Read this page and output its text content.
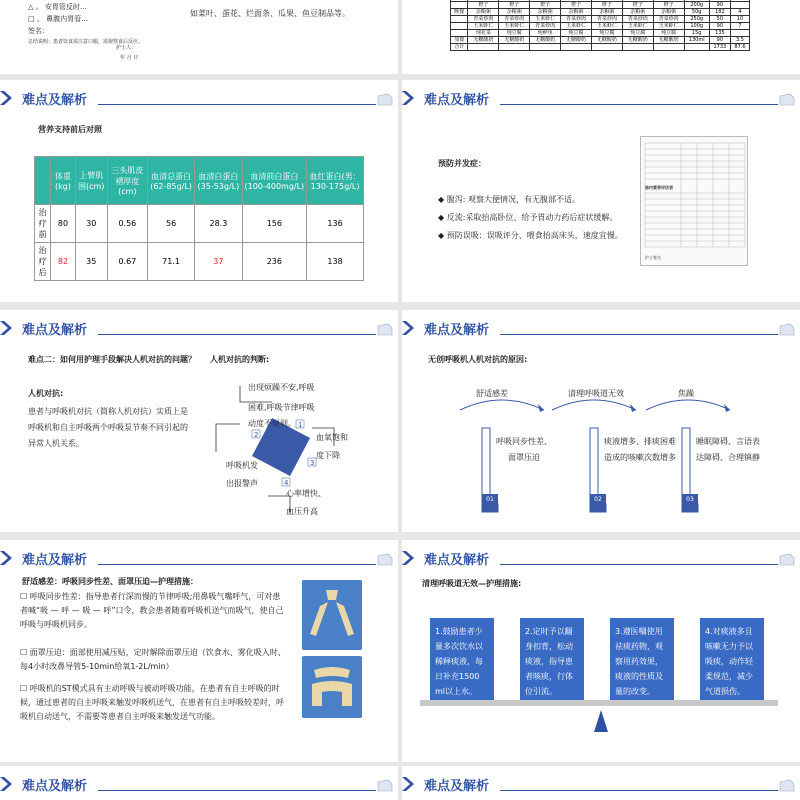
△ 。 安胃管反时…
□ 。 鼻腹内胃管…
签名：
总结说明：患者饮食需注意口服，需观察食后反应。
护士人：
年 月 日
如菜叶、蛋花、烂面条、瓜果、鱼豆制品等。

	橙子	橙子	橙子	橙子	橙子	橙子	橙子	200g	90	
晚餐	杂粮粥	杂粮粥	杂粮粥	杂粮粥	杂粮粥	杂粮粥	杂粮粥	50g	182	4
	青菜炒肉	青菜炒肉	玉米虾仁	青菜炒肉	青菜炒肉	青菜炒肉	青菜炒肉	250g	50	10
	玉米虾仁	玉米虾仁	青菜炒肉	玉米虾仁	玉米虾仁	玉米虾仁	玉米虾仁	100g	90	7
	炖花菜	炖豆腐	炖鲈鱼	炖豆腐	炖豆腐	炖豆腐	炖豆腐	15g	135	
加餐	无糖酸奶	无糖酸奶	无糖酸奶	无糖酸奶	无糖酸奶	无糖酸奶	无糖酸奶	130ml	90	3.5
合计									1733	87.6
难点及解析
营养支持前后对照
	体重(kg)	上臂肌围(cm)	三头肌皮褶厚度(cm)	血清总蛋白(62-85g/L)	血清白蛋白(35-53g/L)	血清前白蛋白(100-400mg/L)	血红蛋白(男：130-175g/L)
治疗前	80	30	0.56	56	28.3	156	136
治疗后	82	35	0.67	71.1	37	236	138
难点及解析
预防并发症：
◆ 腹泻: 观察大便情况，有无腹部不适。
◆ 反流:采取抬高卧位、给予胃动力药后症状缓解。
◆ 预防误吸：误吸评分、喂食抬高床头，速度宜慢。
肠内营养评估表
护士签名
难点及解析
难点二：如何用护理手段解决人机对抗的问题？
人机对抗:
患者与呼吸机对抗（简称人机对抗）实质上是呼吸机和自主呼吸两个呼吸泵节奏不同引起的异常人机关系。
人机对抗的判断:
1
2
3
4
出现烦躁不安,呼吸
困难,呼吸节律呼吸
动度不规则。
血氧饱和
度下降
呼吸机发
出报警声
心率增快、
血压升高
难点及解析
无创呼吸机人机对抗的原因:
舒适感差	清理呼吸道无效	焦躁
呼吸同步性差、
面罩压迫
痰液增多、排痰困难
造成的咳嗽次数增多
睡眠障碍、言语表
达障碍、合理镇静
01	02	03
难点及解析
舒适感差：呼吸同步性差、面罩压迫—护理措施：
☐ 呼吸同步性差：指导患者行深而慢的节律呼吸;用鼻吸气嘴呼气，可对患者喊“吸 — 呼 — 吸 — 呼”口令，教会患者随着呼吸机送气而吸气，使自己呼吸与呼吸机同步。
☐ 面罩压迫：面部使用减压贴，定时解除面罩压迫（饮食水、雾化吸入时、每4小时改鼻导管5-10min给氧1-2L/min）
☐ 呼吸机的ST模式具有主动呼吸与被动呼吸功能，在患者有自主呼吸的时候，通过患者的自主呼吸来触发呼吸机送气，在患者有自主呼吸较差时，呼吸机自动送气，不需要等患者自主呼吸来触发送气功能。
难点及解析
清理呼吸道无效—护理措施:
1.鼓励患者少量多次饮水以稀释痰液，每日补充1500 ml以上水。
2.定时予以翻身扣背，松动痰液，指导患者咳痰，行体位引流。
3.遵医嘱使用祛痰药物，观察用药效果，痰液的性质及量的改变。
4.对痰液多且咳嗽无力予以吸痰，动作轻柔规范，减少气道损伤。
难点及解析	难点及解析
